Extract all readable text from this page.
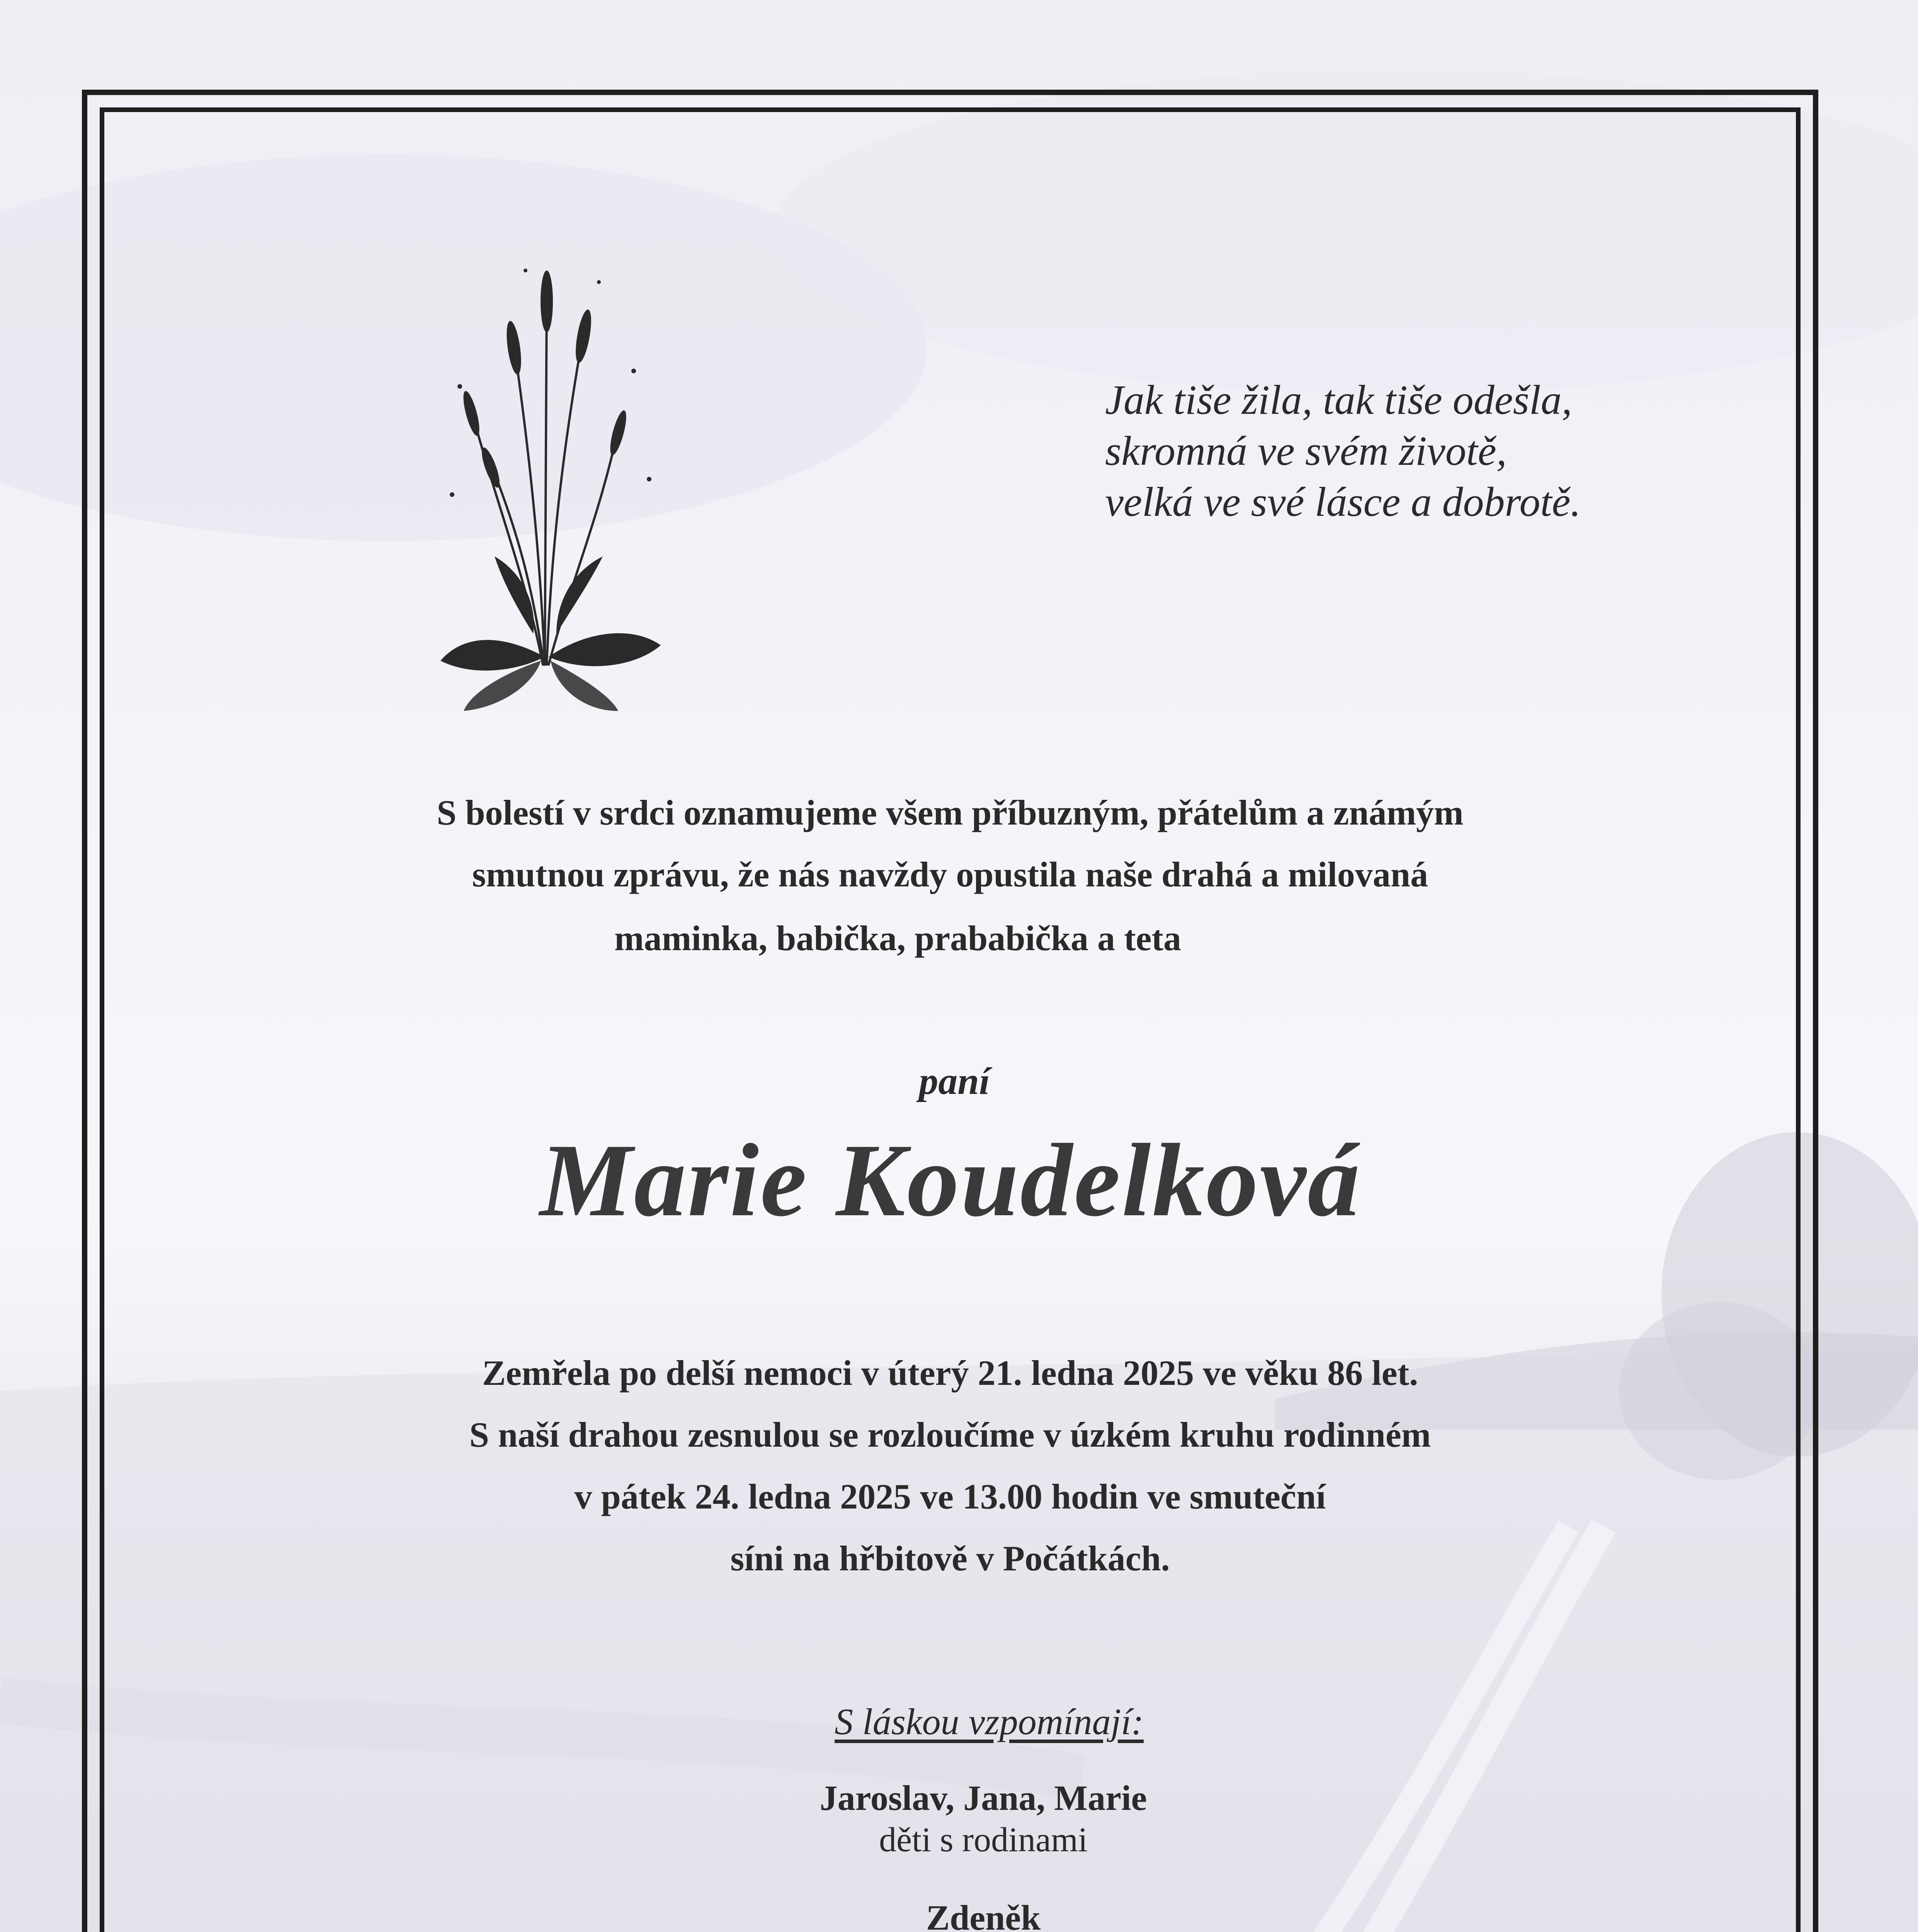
Jak tiše žila, tak tiše odešla,
skromná ve svém životě,
velká ve své lásce a dobrotě.
S bolestí v srdci oznamujeme všem příbuzným, přátelům a známým
smutnou zprávu, že nás navždy opustila naše drahá a milovaná
maminka, babička, prababička a teta
paní
Marie Koudelková
Zemřela po delší nemoci v úterý 21. ledna 2025 ve věku 86 let.
S naší drahou zesnulou se rozloučíme v úzkém kruhu rodinném
v pátek 24. ledna 2025 ve 13.00 hodin ve smuteční
síni na hřbitově v Počátkách.
S láskou vzpomínají:
Jaroslav, Jana, Marie
děti s rodinami
Zdeněk
